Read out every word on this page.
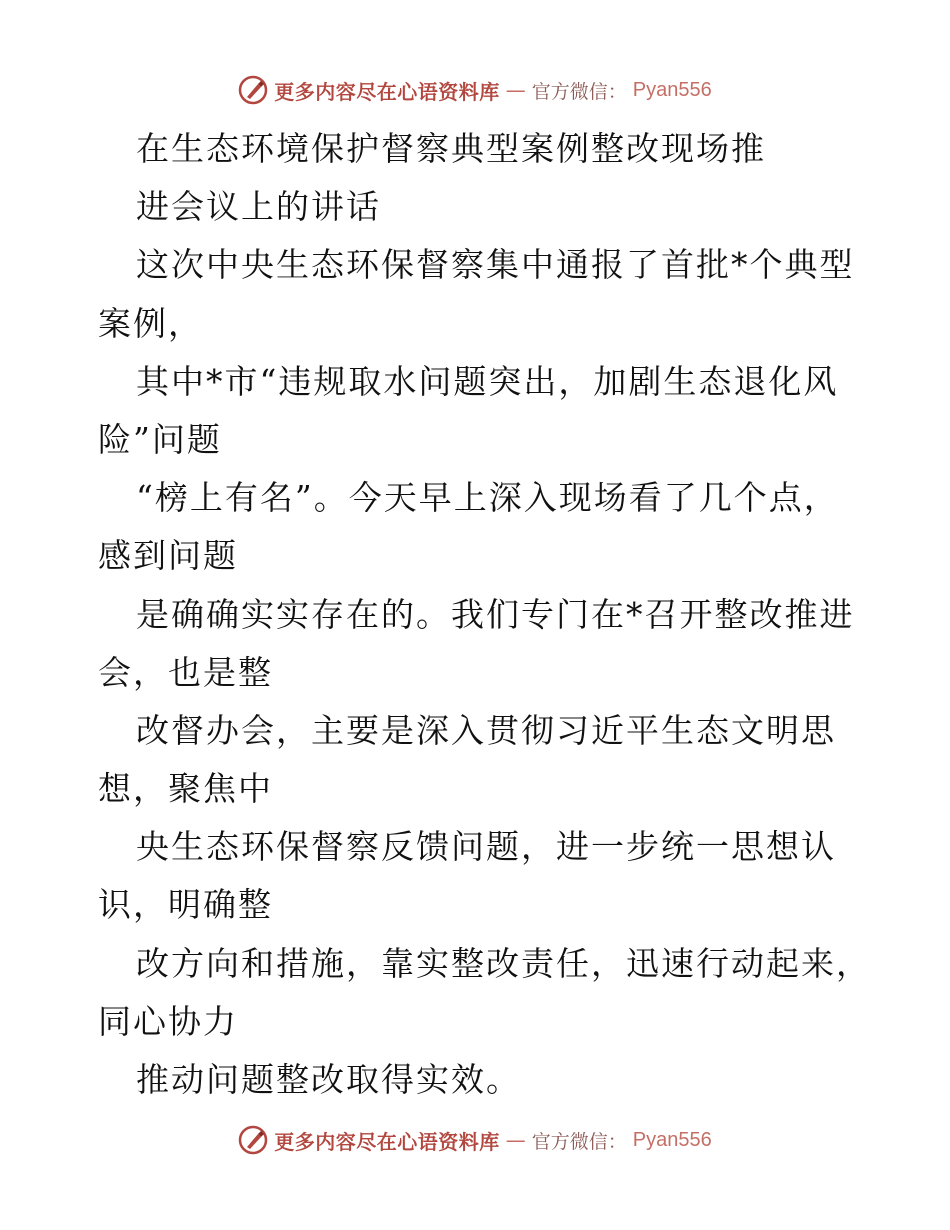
更多内容尽在心语资料库 — 官方微信： Pyan556
在生态环境保护督察典型案例整改现场推
进会议上的讲话
这次中央生态环保督察集中通报了首批*个典型
案例，
其中*市“违规取水问题突出，加剧生态退化风
险”问题
“榜上有名”。今天早上深入现场看了几个点，
感到问题
是确确实实存在的。我们专门在*召开整改推进
会，也是整
改督办会，主要是深入贯彻习近平生态文明思
想，聚焦中
央生态环保督察反馈问题，进一步统一思想认
识，明确整
改方向和措施，靠实整改责任，迅速行动起来，
同心协力
推动问题整改取得实效。
更多内容尽在心语资料库 — 官方微信： Pyan556
